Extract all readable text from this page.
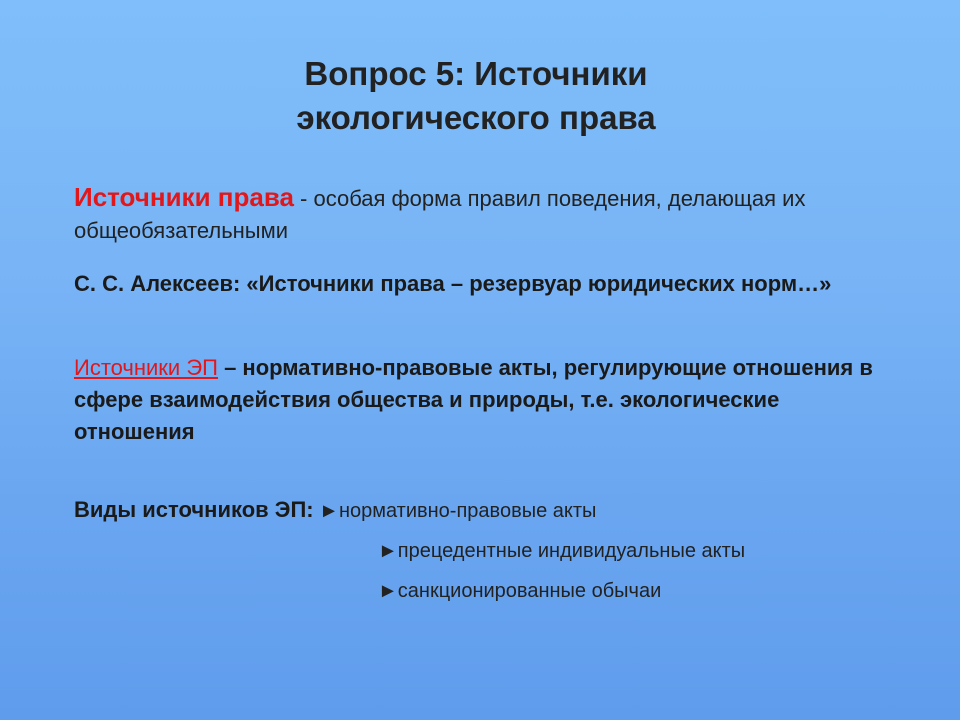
Вопрос 5: Источники
экологического права
Источники права - особая форма правил поведения, делающая их общеобязательными
С. С. Алексеев: «Источники права – резервуар юридических норм…»
Источники ЭП – нормативно-правовые акты, регулирующие отношения в сфере взаимодействия общества и природы, т.е. экологические отношения
Виды источников ЭП: ►нормативно-правовые акты
►прецедентные индивидуальные акты
►санкционированные обычаи
